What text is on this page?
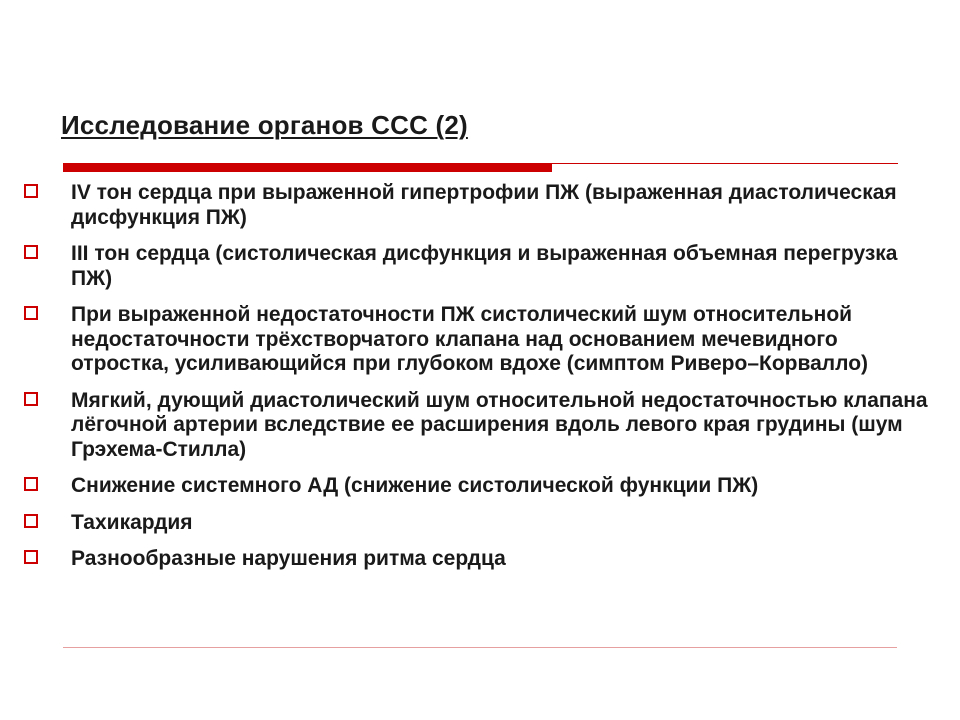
Исследование органов ССС (2)
IV тон сердца при выраженной гипертрофии ПЖ (выраженная диастолическая дисфункция ПЖ)
III тон сердца (систолическая дисфункция и выраженная объемная перегрузка ПЖ)
При выраженной недостаточности ПЖ систолический шум относительной недостаточности трёхстворчатого клапана над основанием мечевидного отростка, усиливающийся при глубоком вдохе (симптом Риверо–Корвалло)
Мягкий, дующий диастолический шум относительной недостаточностью клапана лёгочной артерии вследствие ее расширения вдоль левого края грудины (шум Грэхема-Стилла)
Снижение системного АД (снижение систолической функции ПЖ)
Тахикардия
Разнообразные нарушения ритма сердца
